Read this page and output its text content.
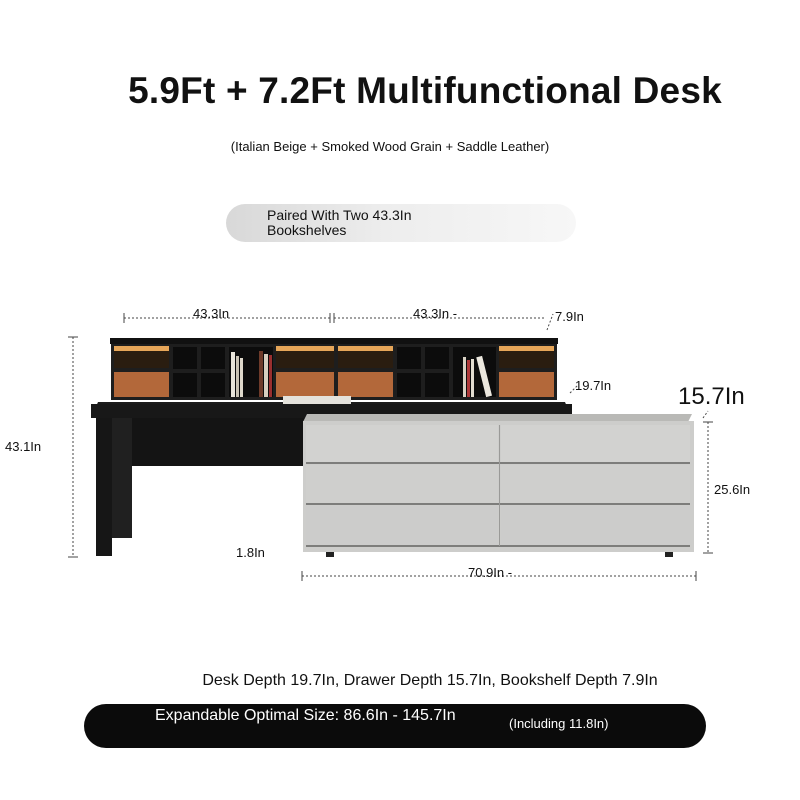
5.9Ft + 7.2Ft Multifunctional Desk
(Italian Beige + Smoked Wood Grain + Saddle Leather)
Paired With Two 43.3In Bookshelves
43.3In	43.3In -	7.9In
19.7In	15.7In
43.1In
25.6In
1.8In
70.9In -
Desk Depth 19.7In, Drawer Depth 15.7In, Bookshelf Depth 7.9In
Expandable Optimal Size: 86.6In - 145.7In	(Including 11.8In)
